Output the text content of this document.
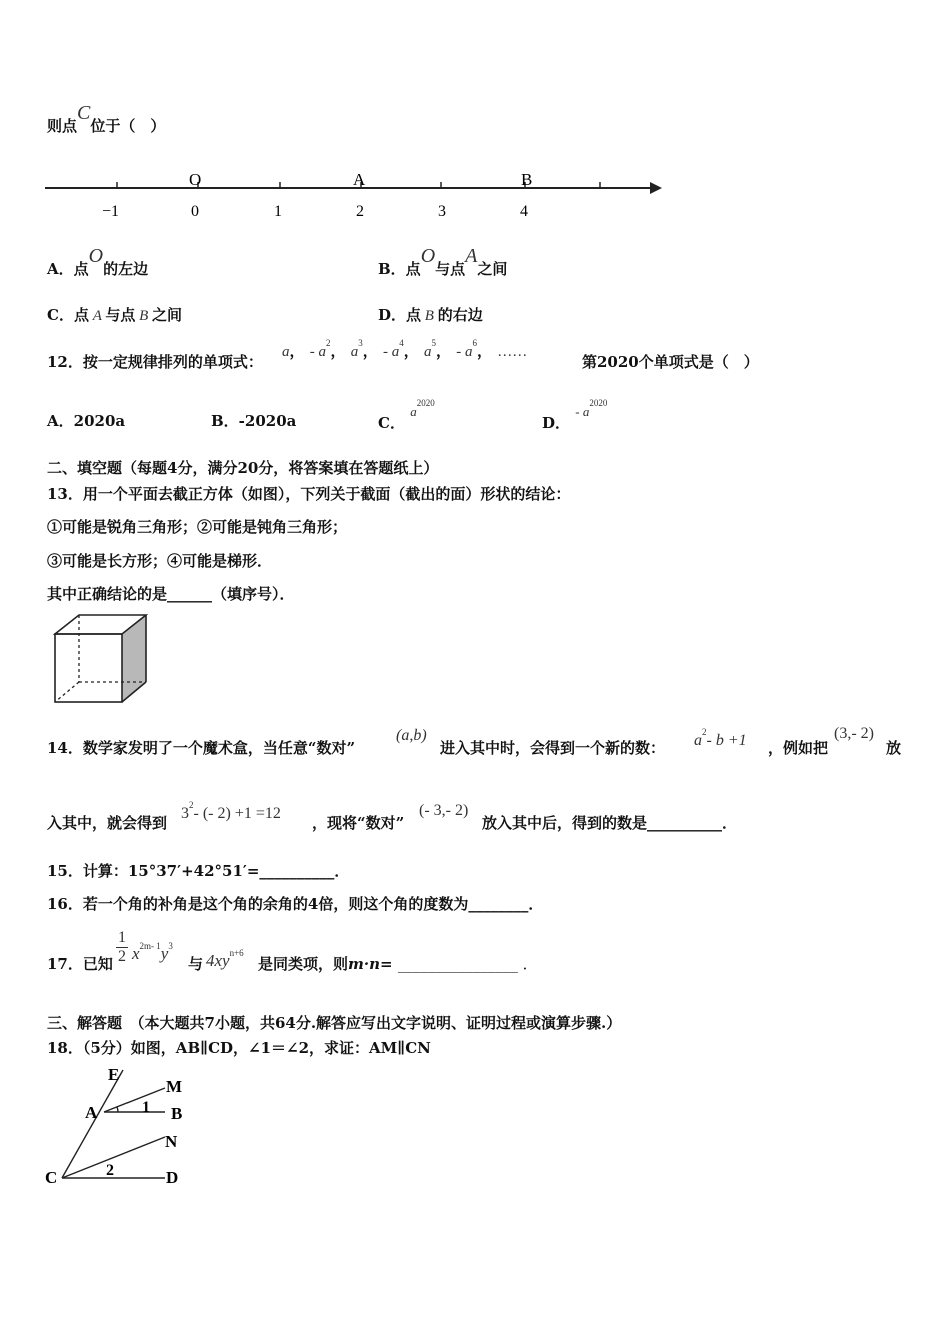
则点C位于（　）
O	A	B
−1	0	1	2	3	4
A．点O的左边	B．点O与点A之间
C．点 A 与点 B 之间	D．点 B 的右边
12．按一定规律排列的单项式：
a， - $a^2$， $a^3$， - $a^4$， $a^5$， - $a^6$， ……
第2020个单项式是（　）
A．2020a	B．-2020a	C． $a^{2020}$
D． - $a^{2020}$
二、填空题（每题4分，满分20分，将答案填在答题纸上）
13．用一个平面去截正方体（如图），下列关于截面（截出的面）形状的结论：
①可能是锐角三角形；②可能是钝角三角形；
③可能是长方形；④可能是梯形．
其中正确结论的是______（填序号）．
14．数学家发明了一个魔术盒，当任意“数对”
(a,b)
进入其中时，会得到一个新的数： $a^2-$ b +1 ，例如把
(3,- 2)
放
入其中，就会得到
$3^2-$ (- 2) +1 =12
，现将“数对”
(- 3,- 2)
放入其中后，得到的数是__________．
15．计算：15°37′+42°51′=__________．
16．若一个角的补角是这个角的余角的4倍，则这个角的度数为________．
17．已知
1
2 $x^{2m- 1}y^3$
与 $4xy^{n+6}$
是同类项，则m·n= ________________ ．
三、解答题　（本大题共7小题，共64分.解答应写出文字说明、证明过程或演算步骤.）
18．（5分）如图，AB∥CD，∠1＝∠2，求证：AM∥CN
E
M
A	1 B
N
C	2	D
